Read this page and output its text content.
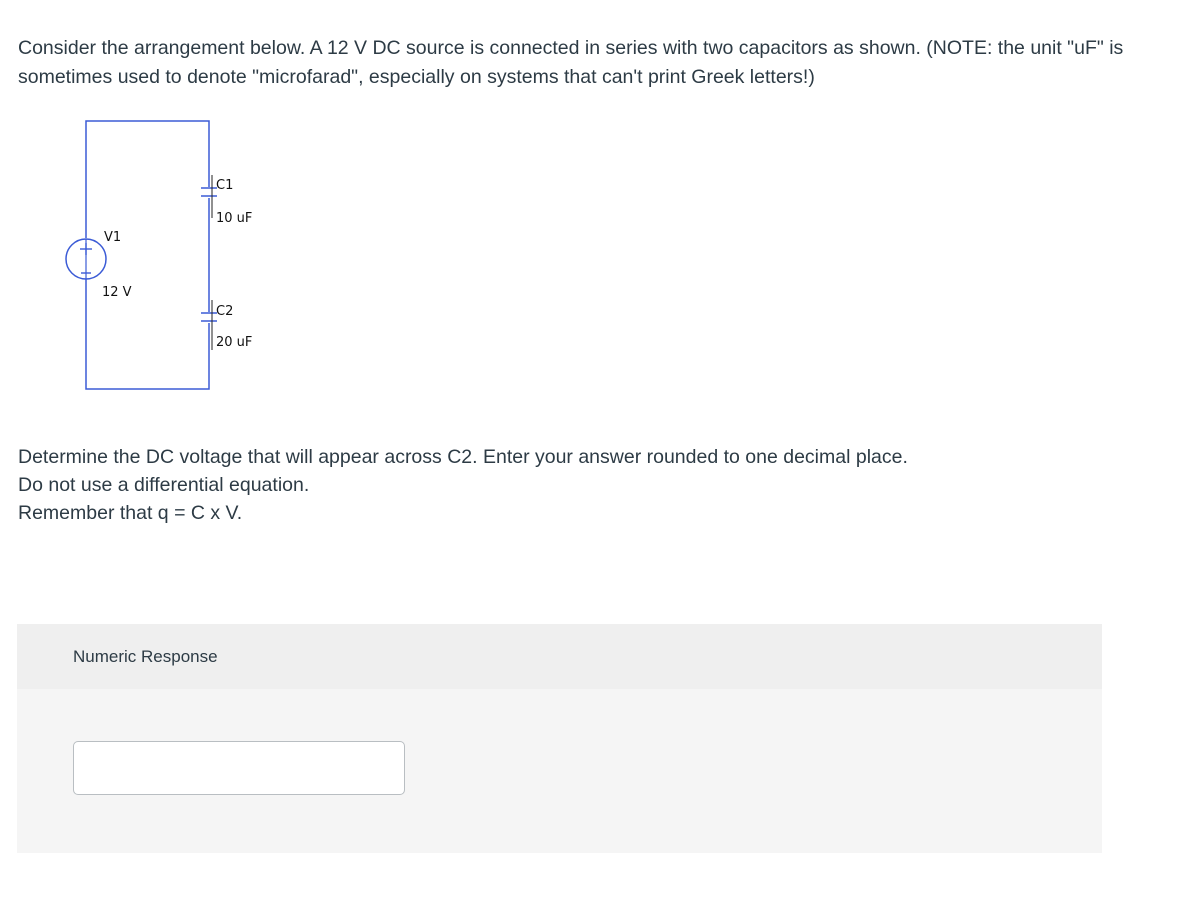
Consider the arrangement below. A 12 V DC source is connected in series with two capacitors as shown. (NOTE: the unit "uF" is sometimes used to denote "microfarad", especially on systems that can't print Greek letters!)

V1
12 V
C1
10 uF
C2
20 uF
Determine the DC voltage that will appear across C2. Enter your answer rounded to one decimal place.
Do not use a differential equation.
Remember that q = C x V.
Numeric Response
